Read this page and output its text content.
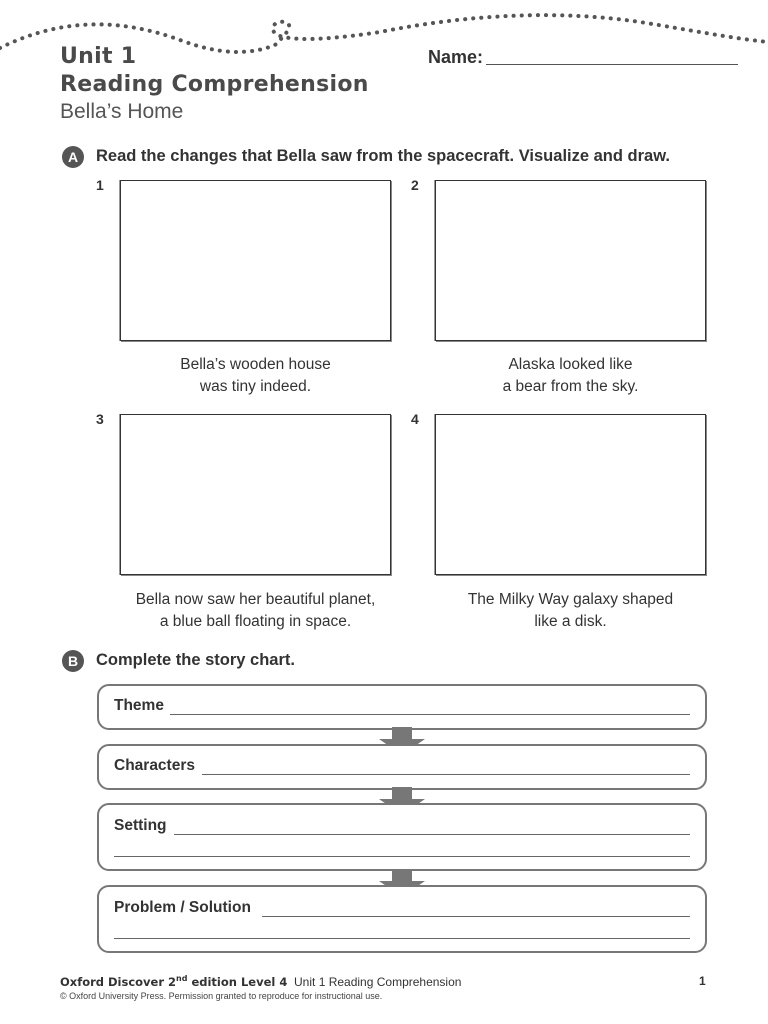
Unit 1
Reading Comprehension
Bella’s Home
Name:
A	Read the changes that Bella saw from the spacecraft. Visualize and draw.
1
Bella’s wooden house
was tiny indeed.
2
Alaska looked like
a bear from the sky.
3
Bella now saw her beautiful planet,
a blue ball floating in space.
4
The Milky Way galaxy shaped
like a disk.
B	Complete the story chart.
Theme
Characters
Setting
Problem / Solution
Oxford Discover 2nd edition Level 4 Unit 1 Reading Comprehension
© Oxford University Press. Permission granted to reproduce for instructional use.
1
